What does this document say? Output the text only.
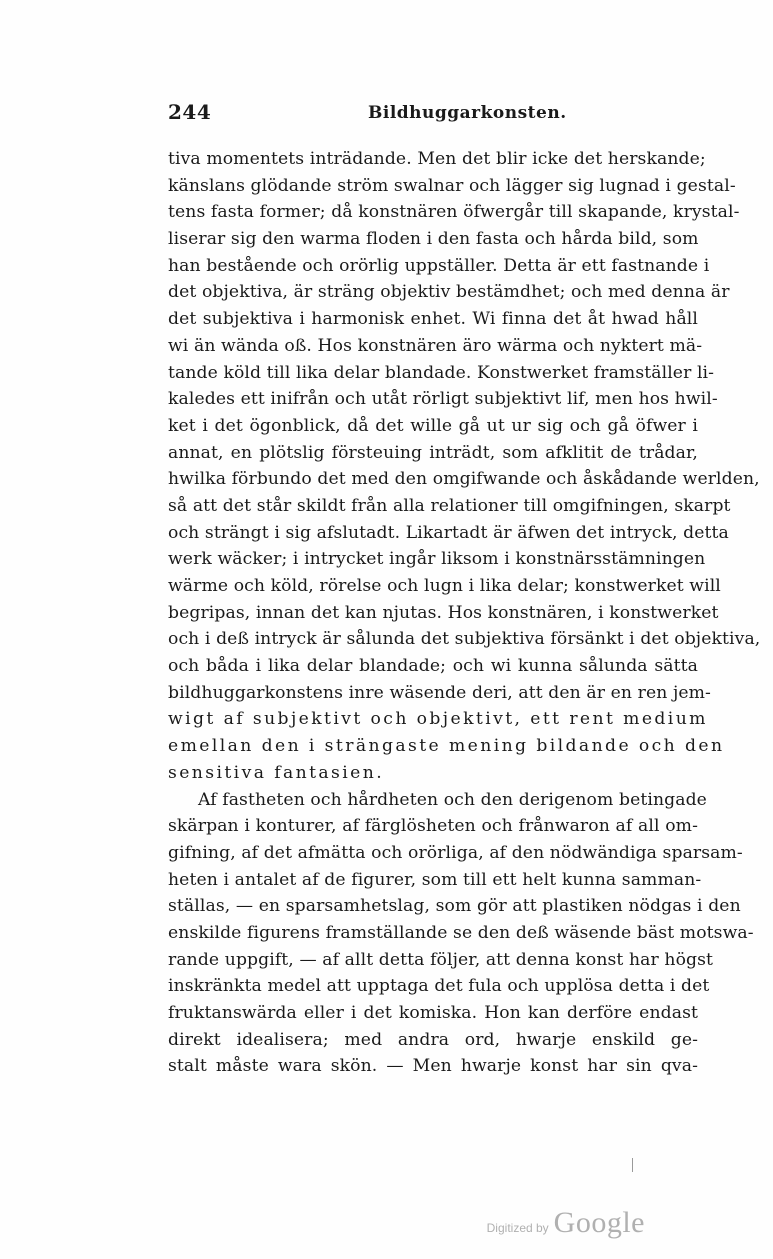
244	Bildhuggarkonsten.
tiva momentets inträdande. Men det blir icke det herskande;
känslans glödande ström swalnar och lägger sig lugnad i gestal-
tens fasta former; då konstnären öfwergår till skapande, krystal-
liserar sig den warma floden i den fasta och hårda bild, som
han bestående och orörlig uppställer. Detta är ett fastnande i
det objektiva, är sträng objektiv bestämdhet; och med denna är
det subjektiva i harmonisk enhet. Wi finna det åt hwad håll
wi än wända oß. Hos konstnären äro wärma och nyktert mä-
tande köld till lika delar blandade. Konstwerket framställer li-
kaledes ett inifrån och utåt rörligt subjektivt lif, men hos hwil-
ket i det ögonblick, då det wille gå ut ur sig och gå öfwer i
annat, en plötslig försteuing inträdt, som afklitit de trådar,
hwilka förbundo det med den omgifwande och åskådande werlden,
så att det står skildt från alla relationer till omgifningen, skarpt
och strängt i sig afslutadt. Likartadt är äfwen det intryck, detta
werk wäcker; i intrycket ingår liksom i konstnärsstämningen
wärme och köld, rörelse och lugn i lika delar; konstwerket will
begripas, innan det kan njutas. Hos konstnären, i konstwerket
och i deß intryck är sålunda det subjektiva försänkt i det objektiva,
och båda i lika delar blandade; och wi kunna sålunda sätta
bildhuggarkonstens inre wäsende deri, att den är en ren jem-
wigt af subjektivt och objektivt, ett rent medium
emellan den i strängaste mening bildande och den
sensitiva fantasien.
Af fastheten och hårdheten och den derigenom betingade
skärpan i konturer, af färglösheten och frånwaron af all om-
gifning, af det afmätta och orörliga, af den nödwändiga sparsam-
heten i antalet af de figurer, som till ett helt kunna samman-
ställas, — en sparsamhetslag, som gör att plastiken nödgas i den
enskilde figurens framställande se den deß wäsende bäst motswa-
rande uppgift, — af allt detta följer, att denna konst har högst
inskränkta medel att upptaga det fula och upplösa detta i det
fruktanswärda eller i det komiska. Hon kan derföre endast
direkt idealisera; med andra ord, hwarje enskild ge-
stalt måste wara skön. — Men hwarje konst har sin qva-
Digitized by Google
